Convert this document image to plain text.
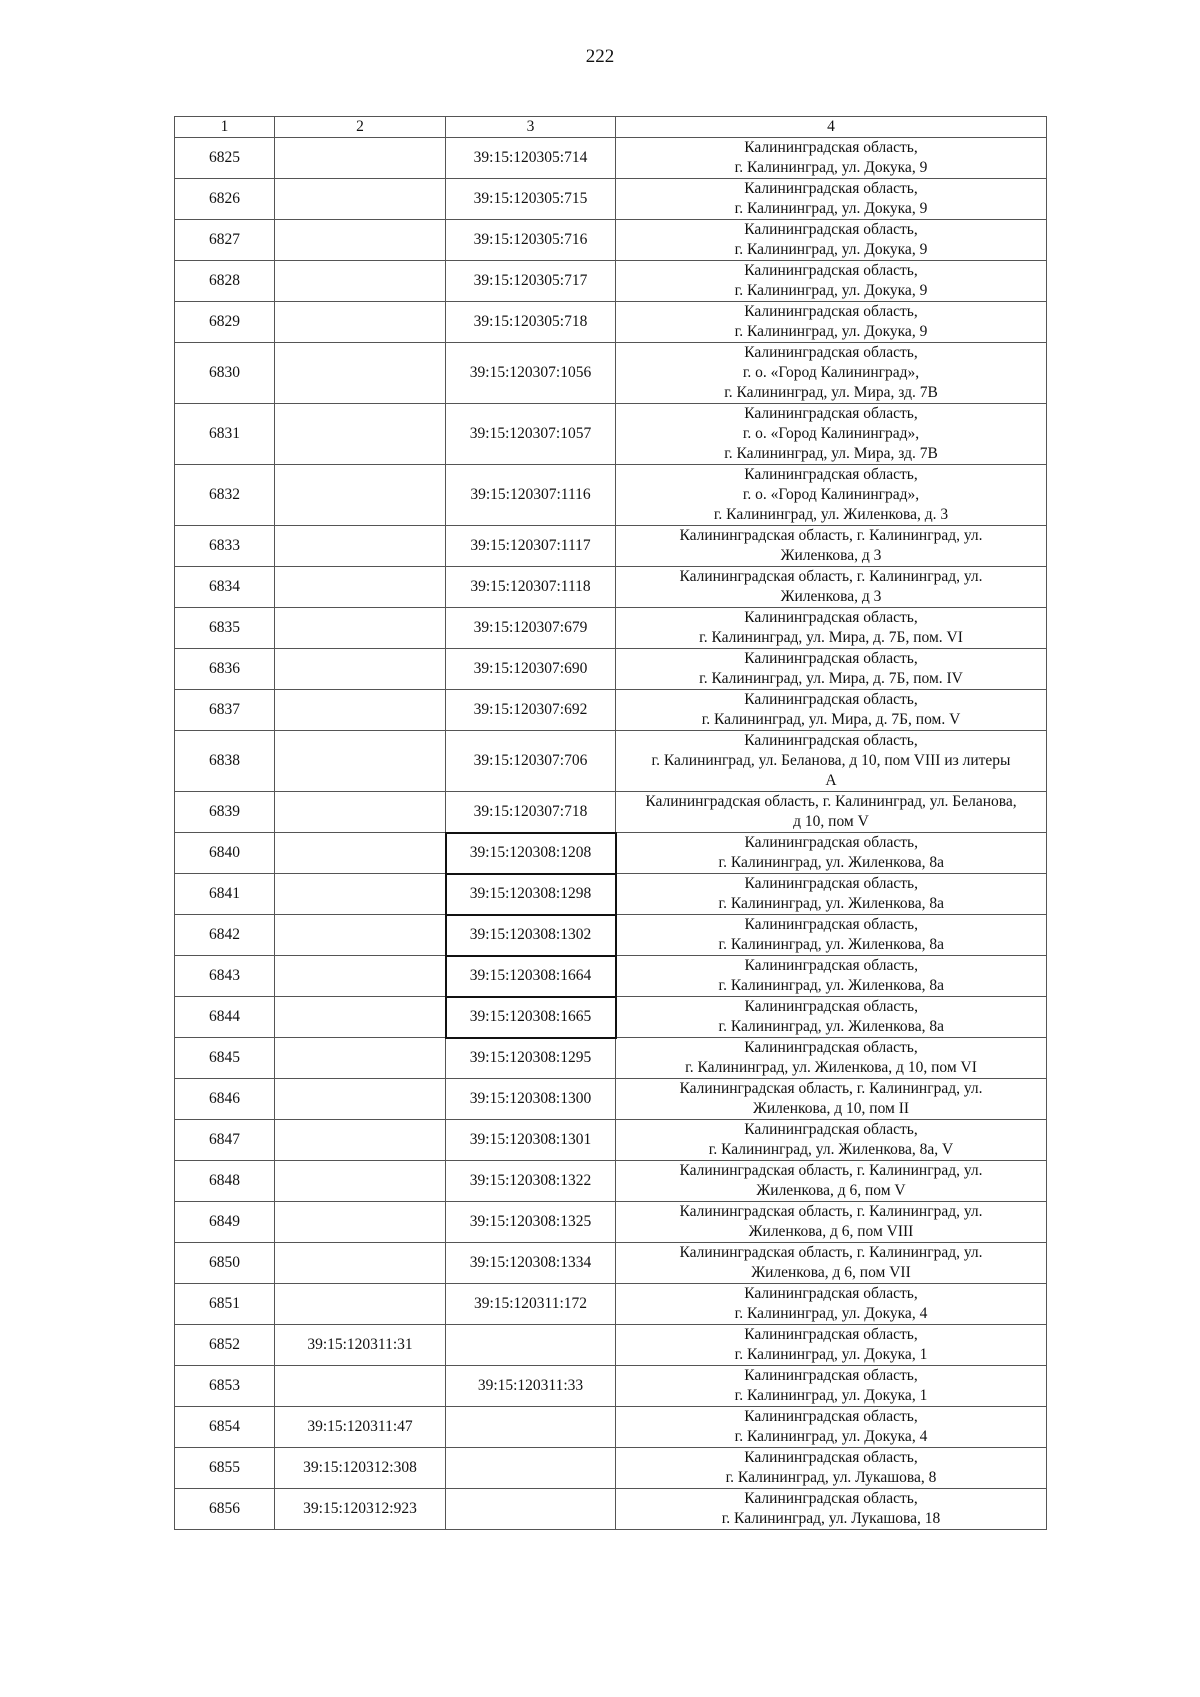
222
1	2	3	4
6825		39:15:120305:714	Калининградская область,
г. Калининград, ул. Докука, 9
6826		39:15:120305:715	Калининградская область,
г. Калининград, ул. Докука, 9
6827		39:15:120305:716	Калининградская область,
г. Калининград, ул. Докука, 9
6828		39:15:120305:717	Калининградская область,
г. Калининград, ул. Докука, 9
6829		39:15:120305:718	Калининградская область,
г. Калининград, ул. Докука, 9
6830		39:15:120307:1056	Калининградская область,
г. о. «Город Калининград»,
г. Калининград, ул. Мира, зд. 7В
6831		39:15:120307:1057	Калининградская область,
г. о. «Город Калининград»,
г. Калининград, ул. Мира, зд. 7В
6832		39:15:120307:1116	Калининградская область,
г. о. «Город Калининград»,
г. Калининград, ул. Жиленкова, д. 3
6833		39:15:120307:1117	Калининградская область, г. Калининград, ул.
Жиленкова, д 3
6834		39:15:120307:1118	Калининградская область, г. Калининград, ул.
Жиленкова, д 3
6835		39:15:120307:679	Калининградская область,
г. Калининград, ул. Мира, д. 7Б, пом. VI
6836		39:15:120307:690	Калининградская область,
г. Калининград, ул. Мира, д. 7Б, пом. IV
6837		39:15:120307:692	Калининградская область,
г. Калининград, ул. Мира, д. 7Б, пом. V
6838		39:15:120307:706	Калининградская область,
г. Калининград, ул. Беланова, д 10, пом VIII из литеры
А
6839		39:15:120307:718	Калининградская область, г. Калининград, ул. Беланова,
д 10, пом V
6840		39:15:120308:1208	Калининградская область,
г. Калининград, ул. Жиленкова, 8а
6841		39:15:120308:1298	Калининградская область,
г. Калининград, ул. Жиленкова, 8а
6842		39:15:120308:1302	Калининградская область,
г. Калининград, ул. Жиленкова, 8а
6843		39:15:120308:1664	Калининградская область,
г. Калининград, ул. Жиленкова, 8а
6844		39:15:120308:1665	Калининградская область,
г. Калининград, ул. Жиленкова, 8а
6845		39:15:120308:1295	Калининградская область,
г. Калининград, ул. Жиленкова, д 10, пом VI
6846		39:15:120308:1300	Калининградская область, г. Калининград, ул.
Жиленкова, д 10, пом II
6847		39:15:120308:1301	Калининградская область,
г. Калининград, ул. Жиленкова, 8а, V
6848		39:15:120308:1322	Калининградская область, г. Калининград, ул.
Жиленкова, д 6, пом V
6849		39:15:120308:1325	Калининградская область, г. Калининград, ул.
Жиленкова, д 6, пом VIII
6850		39:15:120308:1334	Калининградская область, г. Калининград, ул.
Жиленкова, д 6, пом VII
6851		39:15:120311:172	Калининградская область,
г. Калининград, ул. Докука, 4
6852	39:15:120311:31		Калининградская область,
г. Калининград, ул. Докука, 1
6853		39:15:120311:33	Калининградская область,
г. Калининград, ул. Докука, 1
6854	39:15:120311:47		Калининградская область,
г. Калининград, ул. Докука, 4
6855	39:15:120312:308		Калининградская область,
г. Калининград, ул. Лукашова, 8
6856	39:15:120312:923		Калининградская область,
г. Калининград, ул. Лукашова, 18
